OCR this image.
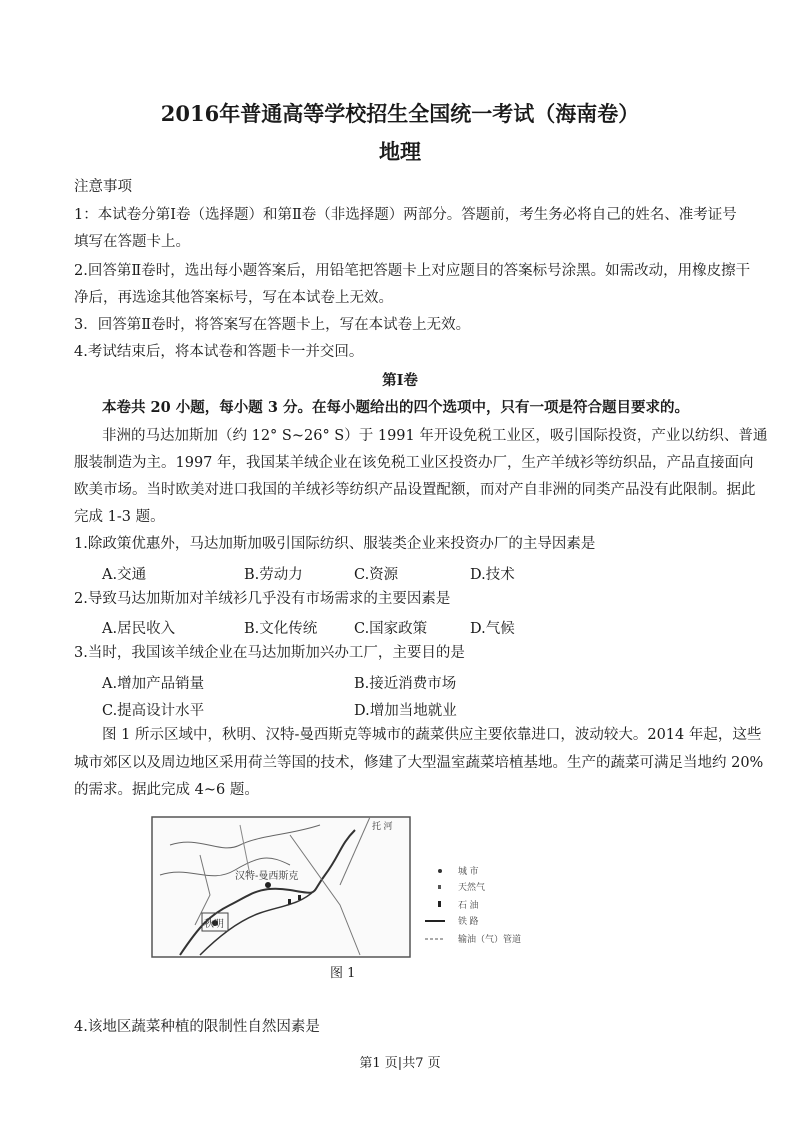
2016年普通高等学校招生全国统一考试（海南卷）
地理
注意事项
1：本试卷分第Ⅰ卷（选择题）和第Ⅱ卷（非选择题）两部分。答题前，考生务必将自己的姓名、准考证号
填写在答题卡上。
2.回答第Ⅱ卷时，选出每小题答案后，用铅笔把答题卡上对应题目的答案标号涂黑。如需改动，用橡皮擦干
净后，再选途其他答案标号，写在本试卷上无效。
3．回答第Ⅱ卷时，将答案写在答题卡上，写在本试卷上无效。
4.考试结束后，将本试卷和答题卡一并交回。
第Ⅰ卷
本卷共 20 小题，每小题 3 分。在每小题给出的四个选项中，只有一项是符合题目要求的。
非洲的马达加斯加（约 12° S~26° S）于 1991 年开设免税工业区，吸引国际投资，产业以纺织、普通
服装制造为主。1997 年，我国某羊绒企业在该免税工业区投资办厂，生产羊绒衫等纺织品，产品直接面向
欧美市场。当时欧美对进口我国的羊绒衫等纺织产品设置配额，而对产自非洲的同类产品没有此限制。据此
完成 1-3 题。
1.除政策优惠外，马达加斯加吸引国际纺织、服装类企业来投资办厂的主导因素是
A.交通	B.劳动力	C.资源	D.技术
2.导致马达加斯加对羊绒衫几乎没有市场需求的主要因素是
A.居民收入	B.文化传统	C.国家政策	D.气候
3.当时，我国该羊绒企业在马达加斯加兴办工厂，主要目的是
A.增加产品销量	B.接近消费市场
C.提高设计水平	D.增加当地就业
图 1 所示区域中，秋明、汉特-曼西斯克等城市的蔬菜供应主要依靠进口，波动较大。2014 年起，这些
城市郊区以及周边地区采用荷兰等国的技术，修建了大型温室蔬菜培植基地。生产的蔬菜可满足当地约 20%
的需求。据此完成 4~6 题。
汉特-曼西斯克
秋明
托 河
城 市
天然气
石 油
铁 路
输油（气）管道
图 1
4.该地区蔬菜种植的限制性自然因素是
第1 页|共7 页
